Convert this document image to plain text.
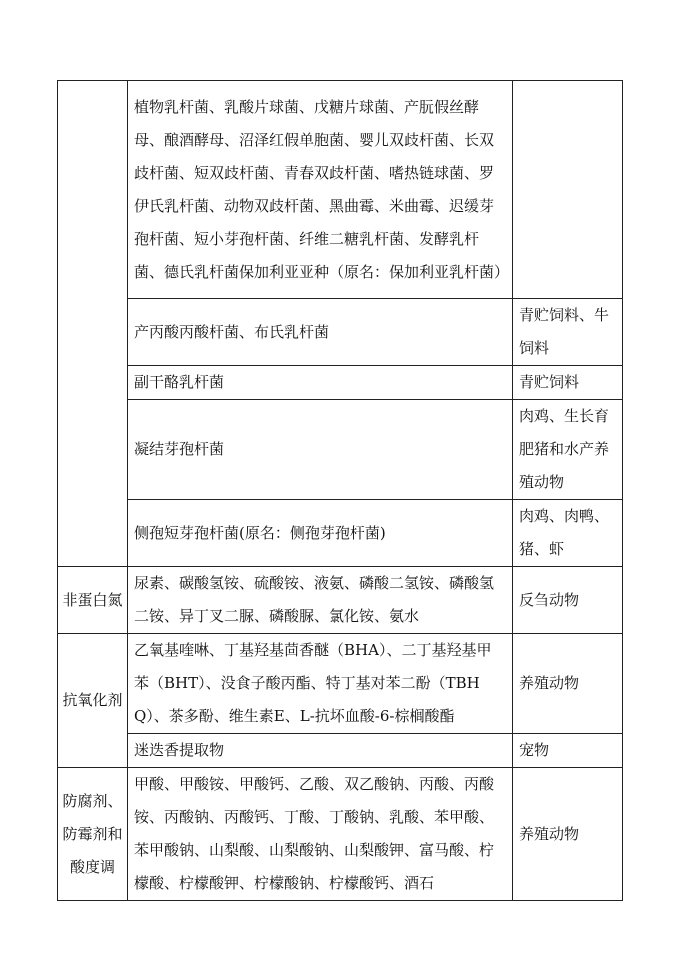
	植物乳杆菌、乳酸片球菌、戊糖片球菌、产朊假丝酵母、酿酒酵母、沼泽红假单胞菌、婴儿双歧杆菌、长双歧杆菌、短双歧杆菌、青春双歧杆菌、嗜热链球菌、罗伊氏乳杆菌、动物双歧杆菌、黑曲霉、米曲霉、迟缓芽孢杆菌、短小芽孢杆菌、纤维二糖乳杆菌、发酵乳杆菌、德氏乳杆菌保加利亚亚种（原名：保加利亚乳杆菌）	
	产丙酸丙酸杆菌、布氏乳杆菌	青贮饲料、牛饲料
	副干酪乳杆菌	青贮饲料
	凝结芽孢杆菌	肉鸡、生长育肥猪和水产养殖动物
	侧孢短芽孢杆菌(原名：侧孢芽孢杆菌)	肉鸡、肉鸭、猪、虾
非蛋白氮	尿素、碳酸氢铵、硫酸铵、液氨、磷酸二氢铵、磷酸氢二铵、异丁叉二脲、磷酸脲、氯化铵、氨水	反刍动物
抗氧化剂	乙氧基喹啉、丁基羟基茴香醚（BHA）、二丁基羟基甲苯（BHT）、没食子酸丙酯、特丁基对苯二酚（TBHQ）、茶多酚、维生素E、L-抗坏血酸-6-棕榈酸酯	养殖动物
	迷迭香提取物	宠物
防腐剂、防霉剂和酸度调	甲酸、甲酸铵、甲酸钙、乙酸、双乙酸钠、丙酸、丙酸铵、丙酸钠、丙酸钙、丁酸、丁酸钠、乳酸、苯甲酸、苯甲酸钠、山梨酸、山梨酸钠、山梨酸钾、富马酸、柠檬酸、柠檬酸钾、柠檬酸钠、柠檬酸钙、酒石	养殖动物
